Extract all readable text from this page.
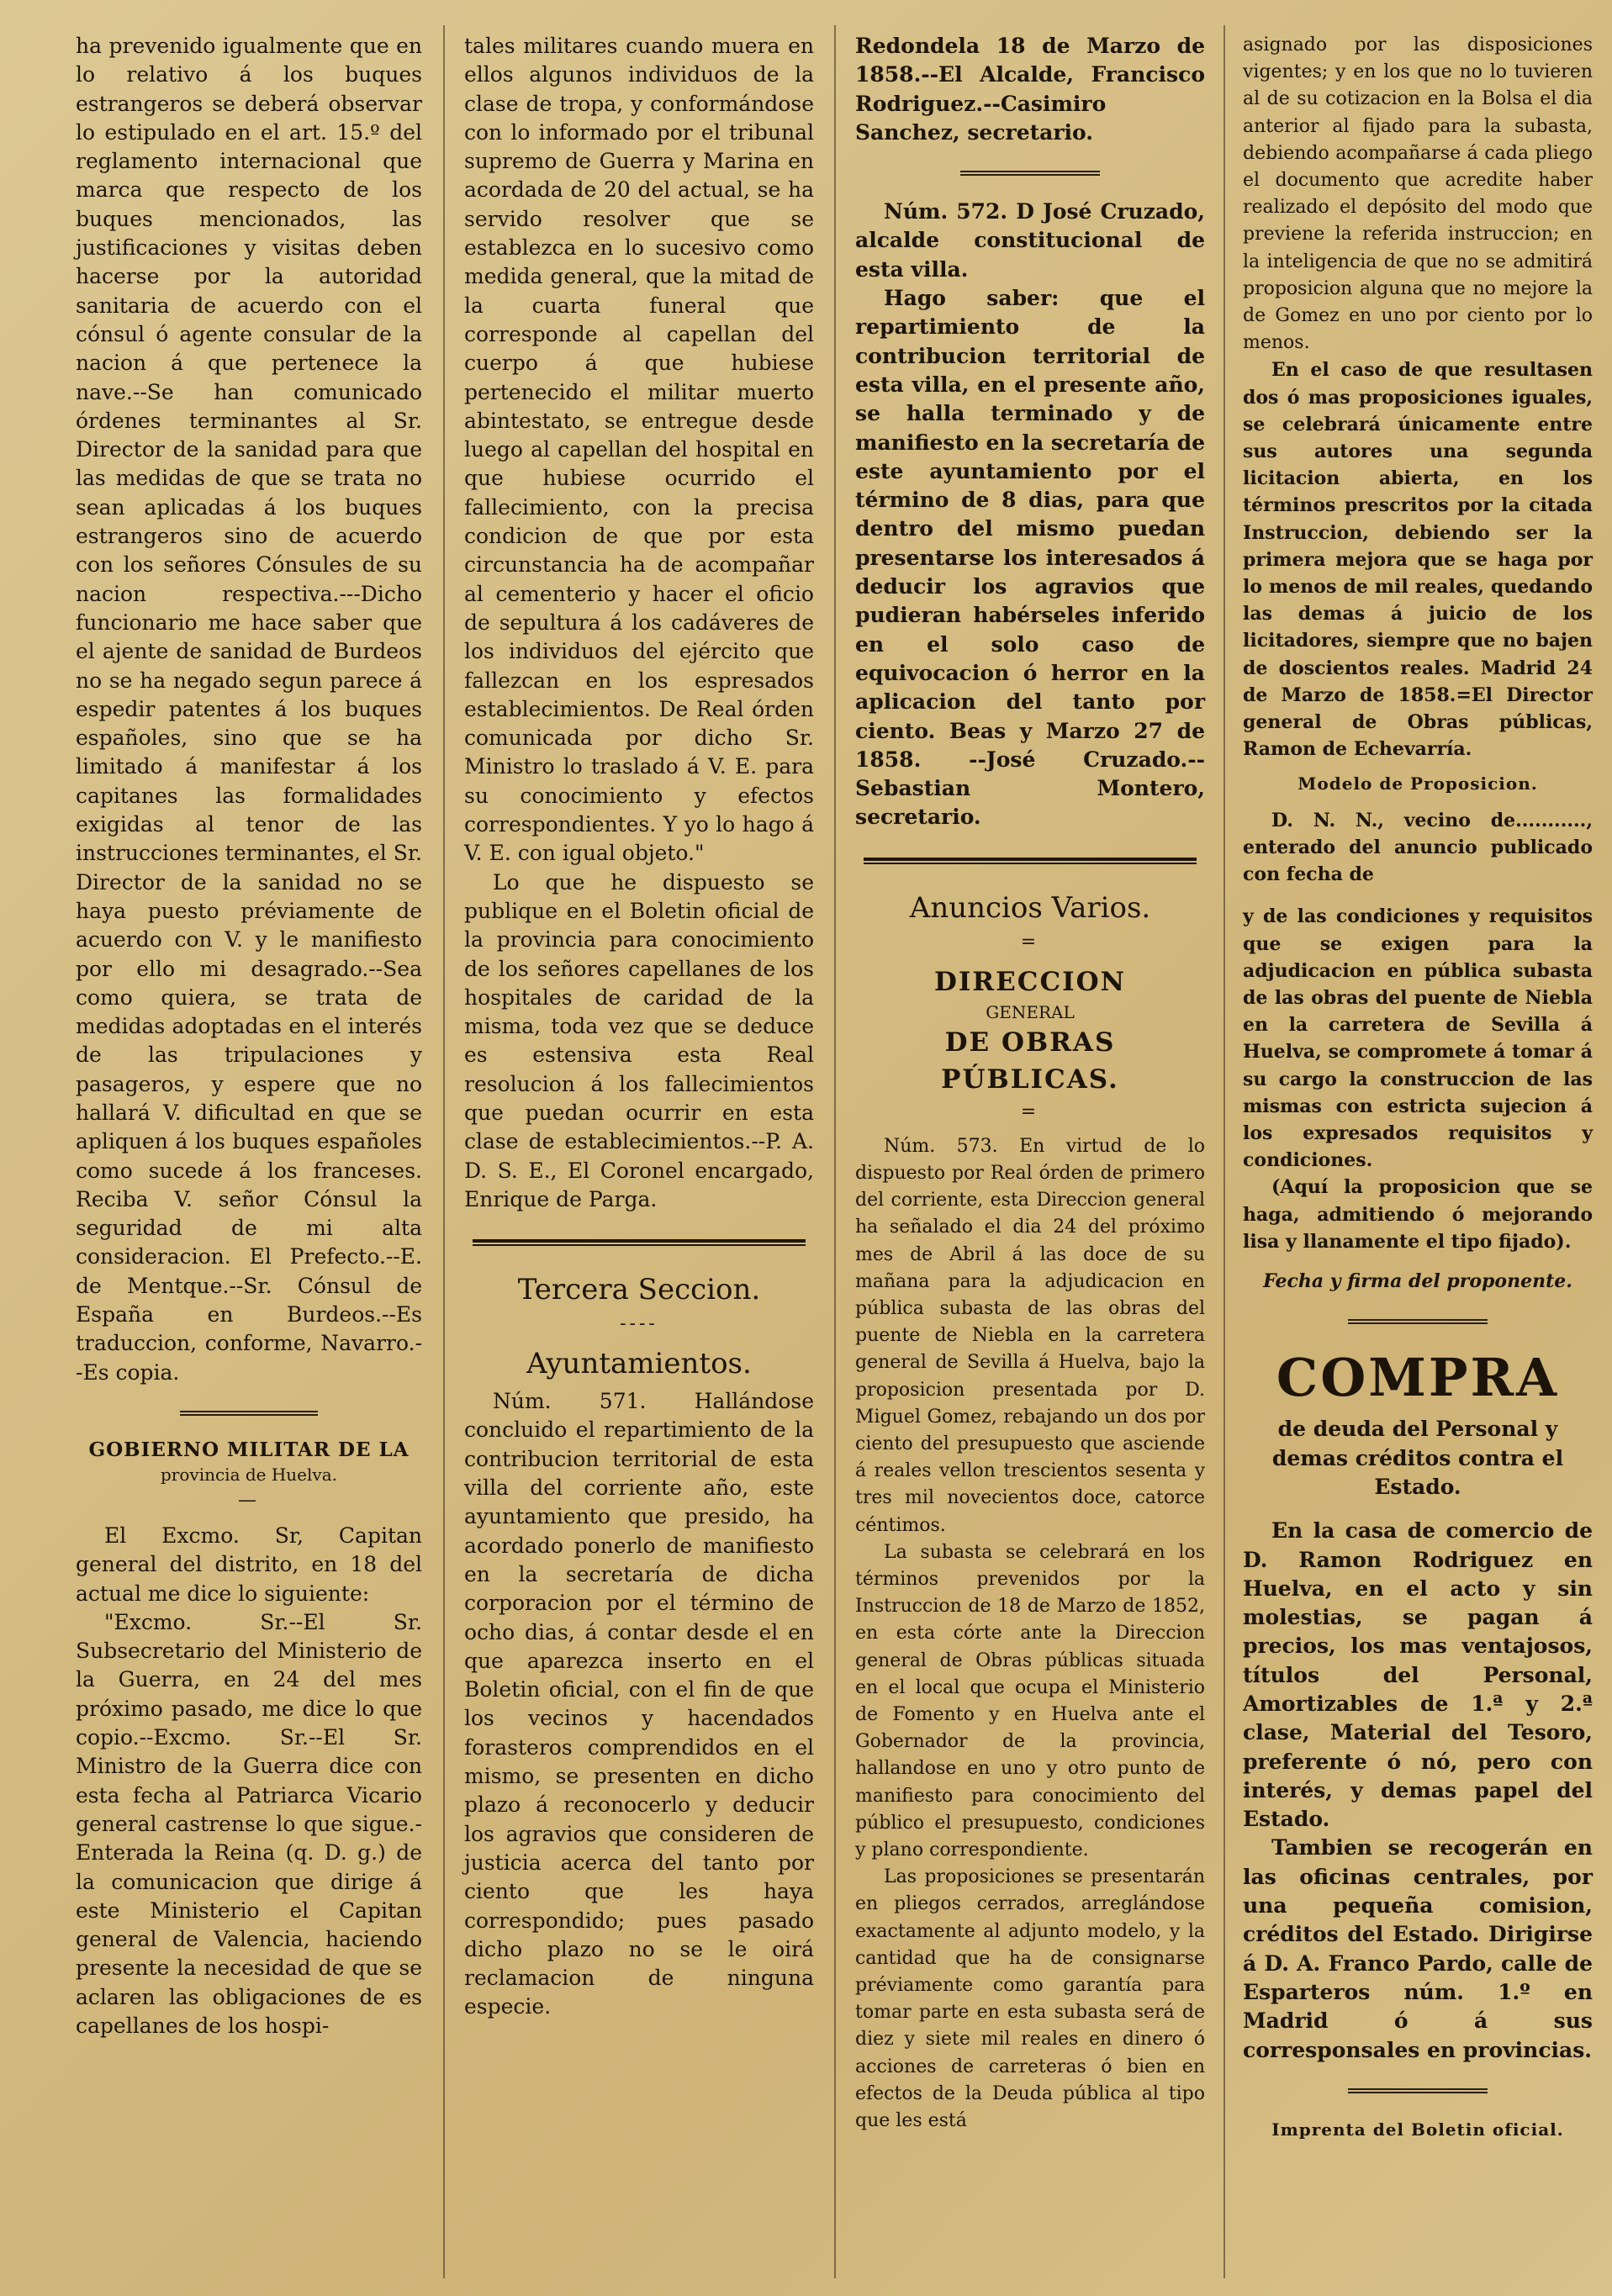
ha prevenido igualmente que en lo relativo á los buques estrangeros se deberá observar lo estipulado en el art. 15.º del reglamento internacional que marca que respecto de los buques mencionados, las justificaciones y visitas deben hacerse por la autoridad sanitaria de acuerdo con el cónsul ó agente consular de la nacion á que pertenece la nave.--Se han comunicado órdenes terminantes al Sr. Director de la sanidad para que las medidas de que se trata no sean aplicadas á los buques estrangeros sino de acuerdo con los señores Cónsules de su nacion respectiva.---Dicho funcionario me hace saber que el ajente de sanidad de Burdeos no se ha negado segun parece á espedir patentes á los buques españoles, sino que se ha limitado á manifestar á los capitanes las formalidades exigidas al tenor de las instrucciones terminantes, el Sr. Director de la sanidad no se haya puesto préviamente de acuerdo con V. y le manifiesto por ello mi desagrado.--Sea como quiera, se trata de medidas adoptadas en el interés de las tripulaciones y pasageros, y espere que no hallará V. dificultad en que se apliquen á los buques españoles como sucede á los franceses. Reciba V. señor Cónsul la seguridad de mi alta consideracion. El Prefecto.--E. de Mentque.--Sr. Cónsul de España en Burdeos.--Es traduccion, conforme, Navarro.--Es copia.

GOBIERNO MILITAR DE LA
provincia de Huelva.
—

El Excmo. Sr, Capitan general del distrito, en 18 del actual me dice lo siguiente:

"Excmo. Sr.--El Sr. Subsecretario del Ministerio de la Guerra, en 24 del mes próximo pasado, me dice lo que copio.--Excmo. Sr.--El Sr. Ministro de la Guerra dice con esta fecha al Patriarca Vicario general castrense lo que sigue.-Enterada la Reina (q. D. g.) de la comunicacion que dirige á este Ministerio el Capitan general de Valencia, haciendo presente la necesidad de que se aclaren las obligaciones de es capellanes de los hospi-

tales militares cuando muera en ellos algunos individuos de la clase de tropa, y conformándose con lo informado por el tribunal supremo de Guerra y Marina en acordada de 20 del actual, se ha servido resolver que se establezca en lo sucesivo como medida general, que la mitad de la cuarta funeral que corresponde al capellan del cuerpo á que hubiese pertenecido el militar muerto abintestato, se entregue desde luego al capellan del hospital en que hubiese ocurrido el fallecimiento, con la precisa condicion de que por esta circunstancia ha de acompañar al cementerio y hacer el oficio de sepultura á los cadáveres de los individuos del ejército que fallezcan en los espresados establecimientos. De Real órden comunicada por dicho Sr. Ministro lo traslado á V. E. para su conocimiento y efectos correspondientes. Y yo lo hago á V. E. con igual objeto."

Lo que he dispuesto se publique en el Boletin oficial de la provincia para conocimiento de los señores capellanes de los hospitales de caridad de la misma, toda vez que se deduce es estensiva esta Real resolucion á los fallecimientos que puedan ocurrir en esta clase de establecimientos.--P. A. D. S. E., El Coronel encargado, Enrique de Parga.

Tercera Seccion.
----
Ayuntamientos.

Núm. 571. Hallándose concluido el repartimiento de la contribucion territorial de esta villa del corriente año, este ayuntamiento que presido, ha acordado ponerlo de manifiesto en la secretaría de dicha corporacion por el término de ocho dias, á contar desde el en que aparezca inserto en el Boletin oficial, con el fin de que los vecinos y hacendados forasteros comprendidos en el mismo, se presenten en dicho plazo á reconocerlo y deducir los agravios que consideren de justicia acerca del tanto por ciento que les haya correspondido; pues pasado dicho plazo no se le oirá reclamacion de ninguna especie.

Redondela 18 de Marzo de 1858.--El Alcalde, Francisco Rodriguez.--Casimiro Sanchez, secretario.

Núm. 572. D José Cruzado, alcalde constitucional de esta villa.

Hago saber: que el repartimiento de la contribucion territorial de esta villa, en el presente año, se halla terminado y de manifiesto en la secretaría de este ayuntamiento por el término de 8 dias, para que dentro del mismo puedan presentarse los interesados á deducir los agravios que pudieran habérseles inferido en el solo caso de equivocacion ó herror en la aplicacion del tanto por ciento. Beas y Marzo 27 de 1858. --José Cruzado.--Sebastian Montero, secretario.

Anuncios Varios.
=
DIRECCION
GENERAL
DE OBRAS PÚBLICAS.
=

Núm. 573. En virtud de lo dispuesto por Real órden de primero del corriente, esta Direccion general ha señalado el dia 24 del próximo mes de Abril á las doce de su mañana para la adjudicacion en pública subasta de las obras del puente de Niebla en la carretera general de Sevilla á Huelva, bajo la proposicion presentada por D. Miguel Gomez, rebajando un dos por ciento del presupuesto que asciende á reales vellon trescientos sesenta y tres mil novecientos doce, catorce céntimos.

La subasta se celebrará en los términos prevenidos por la Instruccion de 18 de Marzo de 1852, en esta córte ante la Direccion general de Obras públicas situada en el local que ocupa el Ministerio de Fomento y en Huelva ante el Gobernador de la provincia, hallandose en uno y otro punto de manifiesto para conocimiento del público el presupuesto, condiciones y plano correspondiente.

Las proposiciones se presentarán en pliegos cerrados, arreglándose exactamente al adjunto modelo, y la cantidad que ha de consignarse préviamente como garantía para tomar parte en esta subasta será de diez y siete mil reales en dinero ó acciones de carreteras ó bien en efectos de la Deuda pública al tipo que les está

asignado por las disposiciones vigentes; y en los que no lo tuvieren al de su cotizacion en la Bolsa el dia anterior al fijado para la subasta, debiendo acompañarse á cada pliego el documento que acredite haber realizado el depósito del modo que previene la referida instruccion; en la inteligencia de que no se admitirá proposicion alguna que no mejore la de Gomez en uno por ciento por lo menos.

En el caso de que resultasen dos ó mas proposiciones iguales, se celebrará únicamente entre sus autores una segunda licitacion abierta, en los términos prescritos por la citada Instruccion, debiendo ser la primera mejora que se haga por lo menos de mil reales, quedando las demas á juicio de los licitadores, siempre que no bajen de doscientos reales. Madrid 24 de Marzo de 1858.=El Director general de Obras públicas, Ramon de Echevarría.

Modelo de Proposicion.

D. N. N., vecino de..........., enterado del anuncio publicado con fecha de

y de las condiciones y requisitos que se exigen para la adjudicacion en pública subasta de las obras del puente de Niebla en la carretera de Sevilla á Huelva, se compromete á tomar á su cargo la construccion de las mismas con estricta sujecion á los expresados requisitos y condiciones.

(Aquí la proposicion que se haga, admitiendo ó mejorando lisa y llanamente el tipo fijado).

Fecha y firma del proponente.
COMPRA

de deuda del Personal y demas créditos contra el Estado.

En la casa de comercio de D. Ramon Rodriguez en Huelva, en el acto y sin molestias, se pagan á precios, los mas ventajosos, títulos del Personal, Amortizables de 1.ª y 2.ª clase, Material del Tesoro, preferente ó nó, pero con interés, y demas papel del Estado.

Tambien se recogerán en las oficinas centrales, por una pequeña comision, créditos del Estado. Dirigirse á D. A. Franco Pardo, calle de Esparteros núm. 1.º en Madrid ó á sus corresponsales en provincias.

Imprenta del Boletin oficial.
